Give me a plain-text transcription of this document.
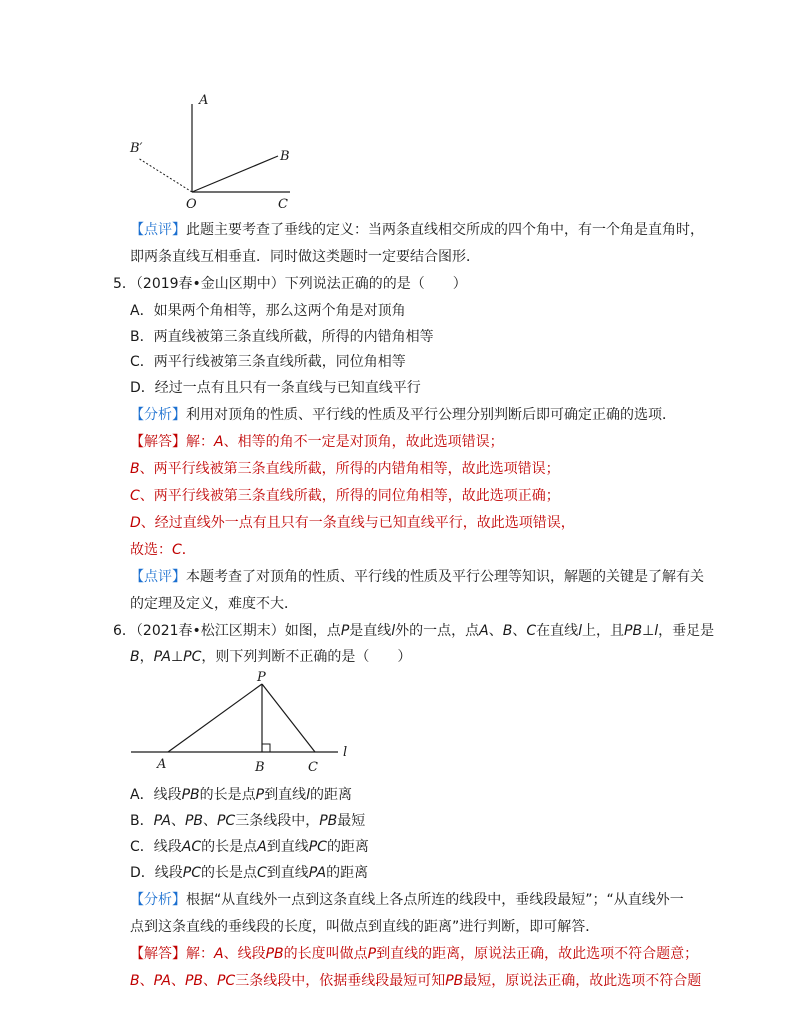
A
B′
B
O	C
【点评】此题主要考查了垂线的定义：当两条直线相交所成的四个角中，有一个角是直角时，
即两条直线互相垂直．同时做这类题时一定要结合图形．
5．（2019春•金山区期中）下列说法正确的的是（　　）
A．如果两个角相等，那么这两个角是对顶角
B．两直线被第三条直线所截，所得的内错角相等
C．两平行线被第三条直线所截，同位角相等
D．经过一点有且只有一条直线与已知直线平行
【分析】利用对顶角的性质、平行线的性质及平行公理分别判断后即可确定正确的选项．
【解答】解：A、相等的角不一定是对顶角，故此选项错误；
B、两平行线被第三条直线所截，所得的内错角相等，故此选项错误；
C、两平行线被第三条直线所截，所得的同位角相等，故此选项正确；
D、经过直线外一点有且只有一条直线与已知直线平行，故此选项错误，
故选：C．
【点评】本题考查了对顶角的性质、平行线的性质及平行公理等知识，解题的关键是了解有关
的定理及定义，难度不大．
6．（2021春•松江区期末）如图，点P是直线l外的一点，点A、B、C在直线l上，且PB⊥l，垂足是
B，PA⊥PC，则下列判断不正确的是（　　）
P
A	B	C
l
A．线段PB的长是点P到直线l的距离
B．PA、PB、PC三条线段中，PB最短
C．线段AC的长是点A到直线PC的距离
D．线段PC的长是点C到直线PA的距离
【分析】根据“从直线外一点到这条直线上各点所连的线段中，垂线段最短”；“从直线外一
点到这条直线的垂线段的长度，叫做点到直线的距离”进行判断，即可解答．
【解答】解：A、线段PB的长度叫做点P到直线的距离，原说法正确，故此选项不符合题意；
B、PA、PB、PC三条线段中，依据垂线段最短可知PB最短，原说法正确，故此选项不符合题
